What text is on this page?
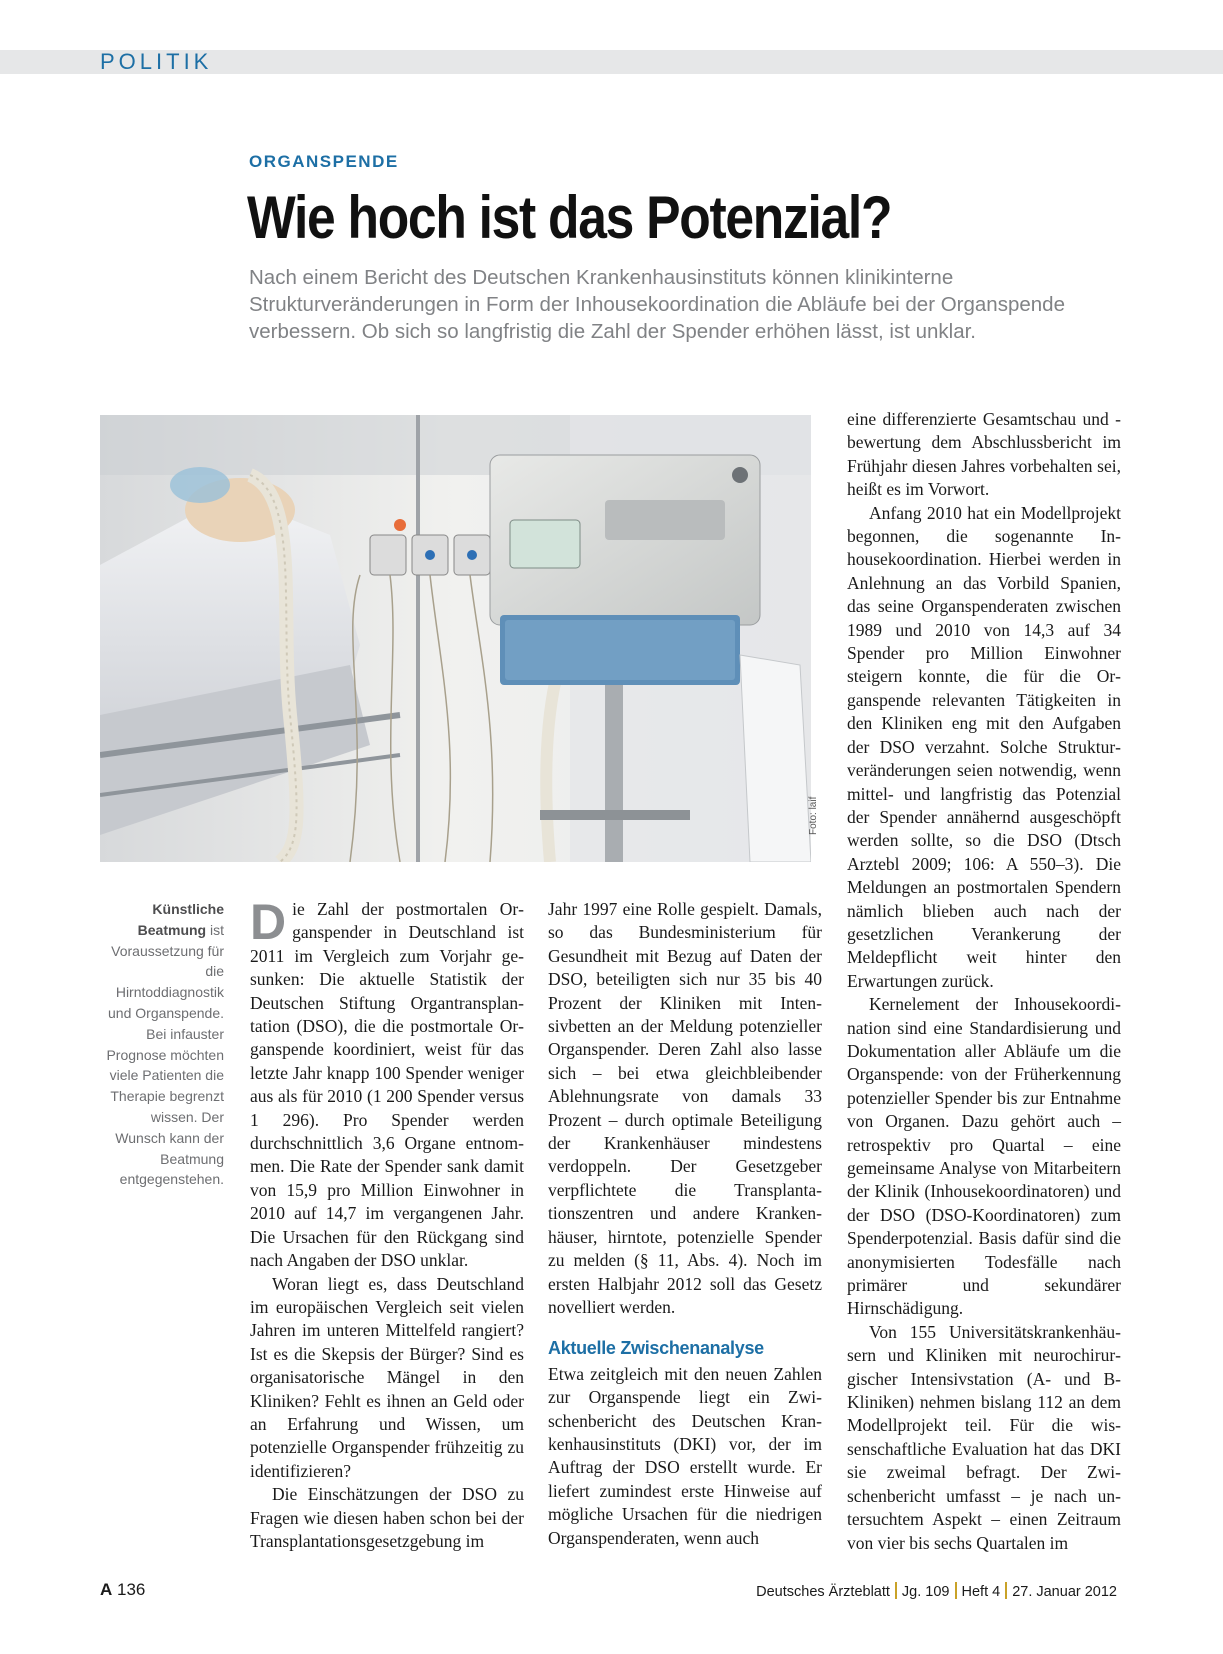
POLITIK
ORGANSPENDE
Wie hoch ist das Potenzial?
Nach einem Bericht des Deutschen Krankenhausinstituts können klinikinterne Strukturveränderungen in Form der Inhousekoordination die Abläufe bei der Organspende verbessern. Ob sich so langfristig die Zahl der Spender erhöhen lässt, ist unklar.
Foto: laif
Künstliche Beatmung ist Voraussetzung für die Hirntoddiagnostik und Organspende. Bei infauster Prognose möchten viele Patienten die Therapie begrenzt wissen. Der Wunsch kann der Beatmung entgegenstehen.

Die Zahl der postmortalen Organspender in Deutschland ist 2011 im Vergleich zum Vorjahr gesunken: Die aktuelle Statistik der Deutschen Stiftung Organtransplantation (DSO), die die postmortale Organspende koordiniert, weist für das letzte Jahr knapp 100 Spender weniger aus als für 2010 (1 200 Spender versus 1 296). Pro Spender werden durchschnittlich 3,6 Organe entnommen. Die Rate der Spender sank damit von 15,9 pro Million Einwohner in 2010 auf 14,7 im vergangenen Jahr. Die Ursachen für den Rückgang sind nach Angaben der DSO unklar.

Woran liegt es, dass Deutschland im europäischen Vergleich seit vielen Jahren im unteren Mittelfeld rangiert? Ist es die Skepsis der Bürger? Sind es organisatorische Mängel in den Kliniken? Fehlt es ihnen an Geld oder an Erfahrung und Wissen, um potenzielle Organspender frühzeitig zu identifizieren?

Die Einschätzungen der DSO zu Fragen wie diesen haben schon bei der Transplantationsgesetzgebung im

Jahr 1997 eine Rolle gespielt. Damals, so das Bundesministerium für Gesundheit mit Bezug auf Daten der DSO, beteiligten sich nur 35 bis 40 Prozent der Kliniken mit Intensivbetten an der Meldung potenzieller Organspender. Deren Zahl also lasse sich – bei etwa gleichbleibender Ablehnungsrate von damals 33 Prozent – durch optimale Beteiligung der Krankenhäuser mindestens verdoppeln. Der Gesetzgeber verpflichtete die Transplantationszentren und andere Krankenhäuser, hirntote, potenzielle Spender zu melden (§ 11, Abs. 4). Noch im ersten Halbjahr 2012 soll das Gesetz novelliert werden.

Aktuelle Zwischenanalyse

Etwa zeitgleich mit den neuen Zahlen zur Organspende liegt ein Zwischenbericht des Deutschen Krankenhausinstituts (DKI) vor, der im Auftrag der DSO erstellt wurde. Er liefert zumindest erste Hinweise auf mögliche Ursachen für die niedrigen Organspenderaten, wenn auch

eine differenzierte Gesamtschau und -bewertung dem Abschlussbericht im Frühjahr diesen Jahres vorbehalten sei, heißt es im Vorwort.

Anfang 2010 hat ein Modellprojekt begonnen, die sogenannte Inhousekoordination. Hierbei werden in Anlehnung an das Vorbild Spanien, das seine Organspenderaten zwischen 1989 und 2010 von 14,3 auf 34 Spender pro Million Einwohner steigern konnte, die für die Organspende relevanten Tätigkeiten in den Kliniken eng mit den Aufgaben der DSO verzahnt. Solche Strukturveränderungen seien notwendig, wenn mittel- und langfristig das Potenzial der Spender annähernd ausgeschöpft werden sollte, so die DSO (Dtsch Arztebl 2009; 106: A 550–3). Die Meldungen an postmortalen Spendern nämlich blieben auch nach der gesetzlichen Verankerung der Meldepflicht weit hinter den Erwartungen zurück.

Kernelement der Inhousekoordination sind eine Standardisierung und Dokumentation aller Abläufe um die Organspende: von der Früherkennung potenzieller Spender bis zur Entnahme von Organen. Dazu gehört auch – retrospektiv pro Quartal – eine gemeinsame Analyse von Mitarbeitern der Klinik (Inhousekoordinatoren) und der DSO (DSO-Koordinatoren) zum Spenderpotenzial. Basis dafür sind die anonymisierten Todesfälle nach primärer und sekundärer Hirnschädigung.

Von 155 Universitätskrankenhäusern und Kliniken mit neurochirurgischer Intensivstation (A- und B-Kliniken) nehmen bislang 112 an dem Modellprojekt teil. Für die wissenschaftliche Evaluation hat das DKI sie zweimal befragt. Der Zwischenbericht umfasst – je nach untersuchtem Aspekt – einen Zeitraum von vier bis sechs Quartalen im

A 136	Deutsches Ärzteblatt Jg. 109 Heft 4 27. Januar 2012
